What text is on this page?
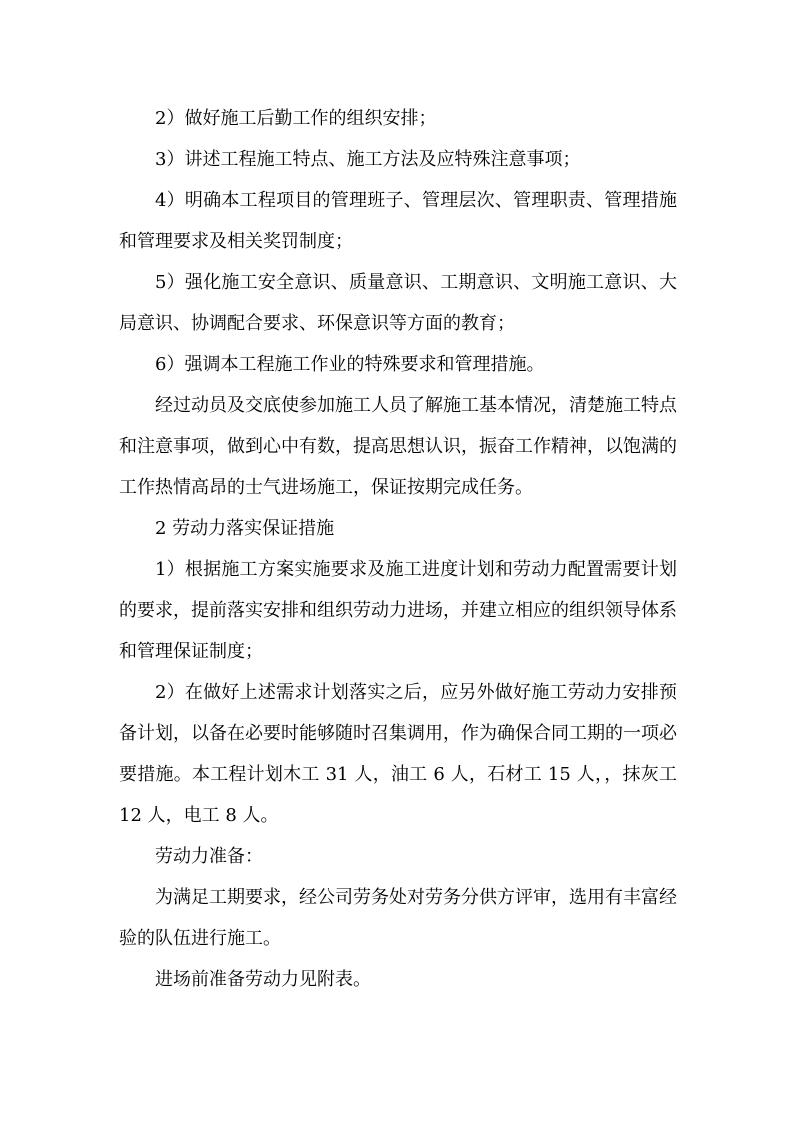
2）做好施工后勤工作的组织安排；

3）讲述工程施工特点、施工方法及应特殊注意事项；

4）明确本工程项目的管理班子、管理层次、管理职责、管理措施和管理要求及相关奖罚制度；

5）强化施工安全意识、质量意识、工期意识、文明施工意识、大局意识、协调配合要求、环保意识等方面的教育；

6）强调本工程施工作业的特殊要求和管理措施。

经过动员及交底使参加施工人员了解施工基本情况，清楚施工特点和注意事项，做到心中有数，提高思想认识，振奋工作精神，以饱满的工作热情高昂的士气进场施工，保证按期完成任务。

2 劳动力落实保证措施

1）根据施工方案实施要求及施工进度计划和劳动力配置需要计划的要求，提前落实安排和组织劳动力进场，并建立相应的组织领导体系和管理保证制度；

2）在做好上述需求计划落实之后，应另外做好施工劳动力安排预备计划，以备在必要时能够随时召集调用，作为确保合同工期的一项必要措施。本工程计划木工 31 人，油工 6 人，石材工 15 人，，抹灰工 12 人，电工 8 人。

劳动力准备：

为满足工期要求，经公司劳务处对劳务分供方评审，选用有丰富经验的队伍进行施工。

进场前准备劳动力见附表。
